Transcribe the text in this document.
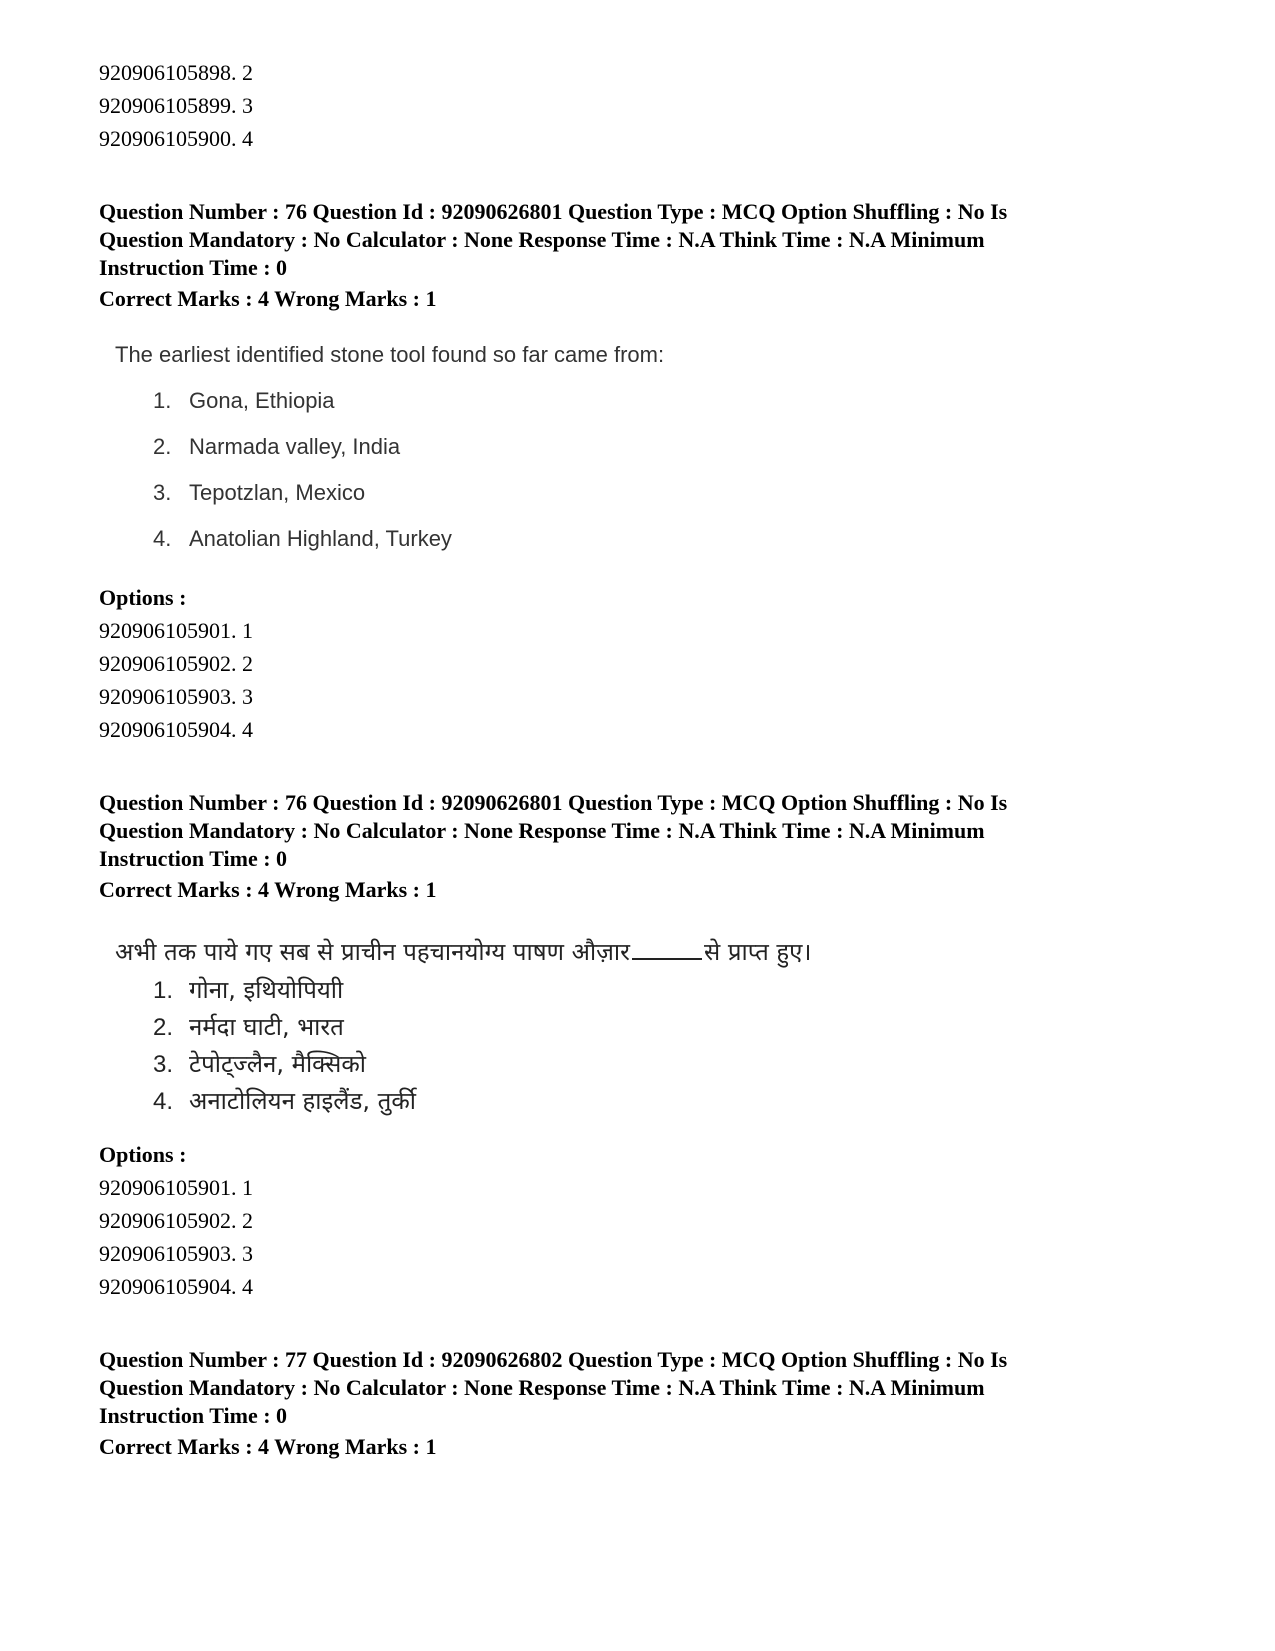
920906105898. 2
920906105899. 3
920906105900. 4
Question Number : 76 Question Id : 92090626801 Question Type : MCQ Option Shuffling : No Is
Question Mandatory : No Calculator : None Response Time : N.A Think Time : N.A Minimum
Instruction Time : 0
Correct Marks : 4 Wrong Marks : 1
The earliest identified stone tool found so far came from:
1. Gona, Ethiopia
2. Narmada valley, India
3. Tepotzlan, Mexico
4. Anatolian Highland, Turkey
Options :
920906105901. 1
920906105902. 2
920906105903. 3
920906105904. 4
Question Number : 76 Question Id : 92090626801 Question Type : MCQ Option Shuffling : No Is
Question Mandatory : No Calculator : None Response Time : N.A Think Time : N.A Minimum
Instruction Time : 0
Correct Marks : 4 Wrong Marks : 1
अभी तक पाये गए सब से प्राचीन पहचानयोग्य पाषण औज़ार	से प्राप्त हुए।
1. गोना, इथियोपियाी
2. नर्मदा घाटी, भारत
3. टेपोट्ज्लैन, मैक्सिको
4. अनाटोलियन हाइलैंड, तुर्की
Options :
920906105901. 1
920906105902. 2
920906105903. 3
920906105904. 4
Question Number : 77 Question Id : 92090626802 Question Type : MCQ Option Shuffling : No Is
Question Mandatory : No Calculator : None Response Time : N.A Think Time : N.A Minimum
Instruction Time : 0
Correct Marks : 4 Wrong Marks : 1
